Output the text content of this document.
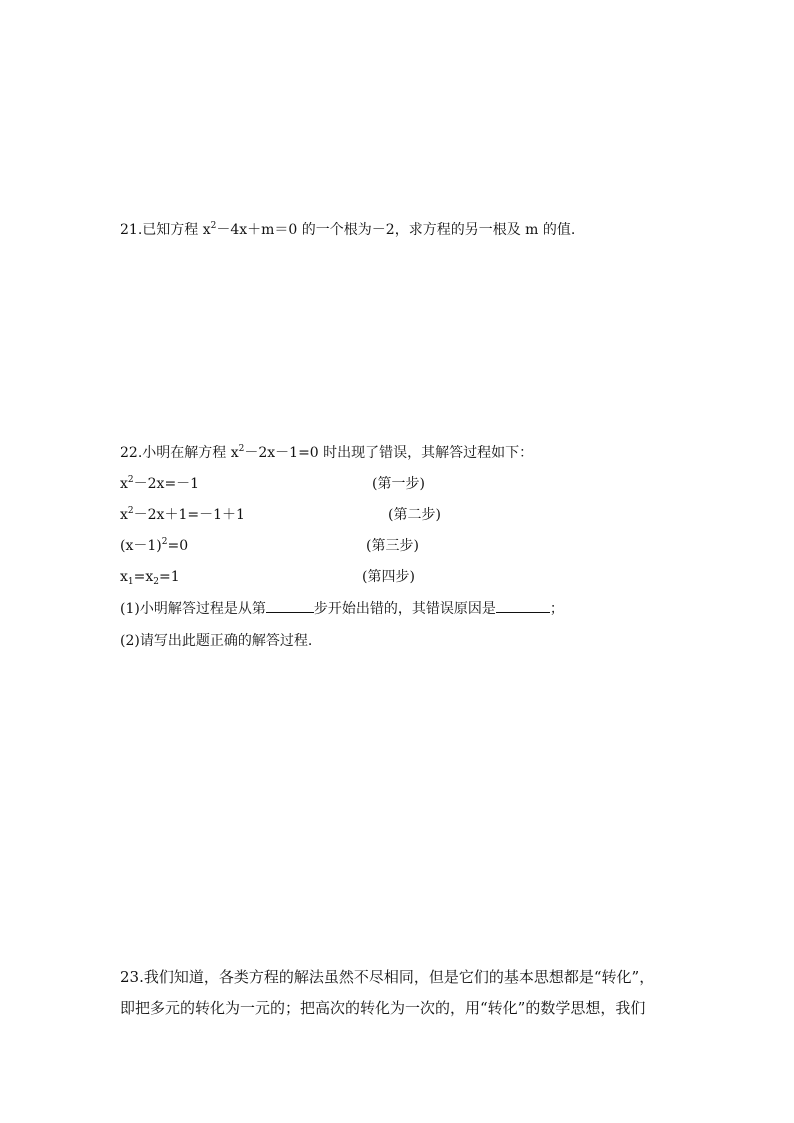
21.已知方程 $x^2-4x+m=0$ 的一个根为－2，求方程的另一根及 m 的值.
22.小明在解方程 $x^2-2x-1=0$ 时出现了错误，其解答过程如下：
$x^2-2x=-1$	(第一步)
$x^2-2x+1=-1+1$	(第二步)
$(x-1)^2=0$	(第三步)
$x_1=x_2=1$	(第四步)
(1)小明解答过程是从第	步开始出错的，其错误原因是	；
(2)请写出此题正确的解答过程.
23.我们知道，各类方程的解法虽然不尽相同，但是它们的基本思想都是“转化”，
即把多元的转化为一元的；把高次的转化为一次的，用“转化”的数学思想，我们
